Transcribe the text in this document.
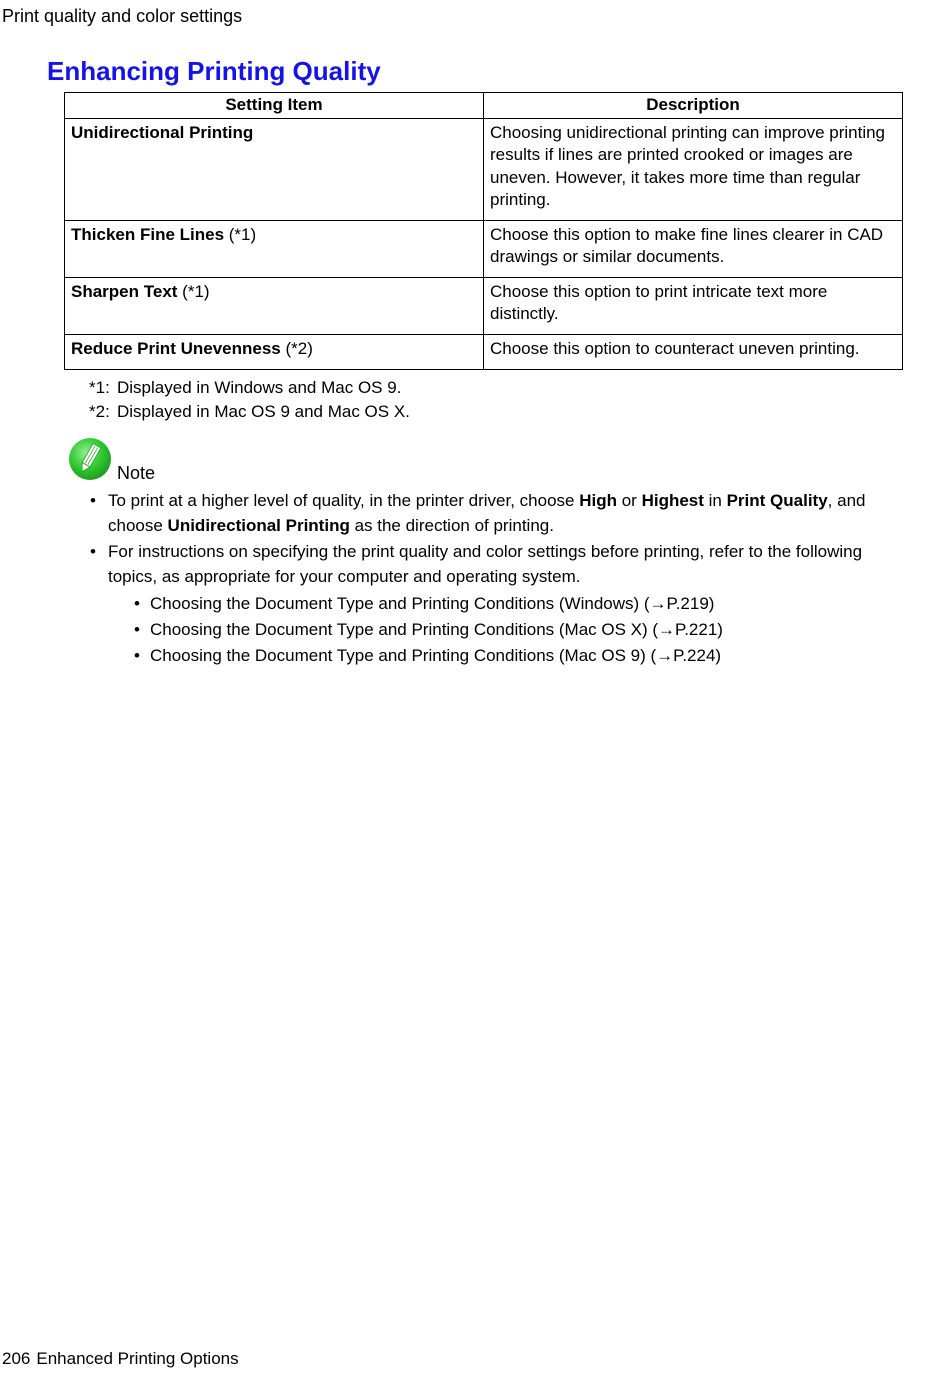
Print quality and color settings
Enhancing Printing Quality
Setting Item	Description
Unidirectional Printing	Choosing unidirectional printing can improve printing results if lines are printed crooked or images are uneven. However, it takes more time than regular printing.
Thicken Fine Lines (*1)	Choose this option to make fine lines clearer in CAD drawings or similar documents.
Sharpen Text (*1)	Choose this option to print intricate text more distinctly.
Reduce Print Unevenness (*2)	Choose this option to counteract uneven printing.
*1: Displayed in Windows and Mac OS 9.
*2: Displayed in Mac OS 9 and Mac OS X.
Note
• To print at a higher level of quality, in the printer driver, choose High or Highest in Print Quality, and choose Unidirectional Printing as the direction of printing.
• For instructions on specifying the print quality and color settings before printing, refer to the following topics, as appropriate for your computer and operating system.
• Choosing the Document Type and Printing Conditions (Windows) (→P.219)
• Choosing the Document Type and Printing Conditions (Mac OS X) (→P.221)
• Choosing the Document Type and Printing Conditions (Mac OS 9) (→P.224)
206 Enhanced Printing Options
